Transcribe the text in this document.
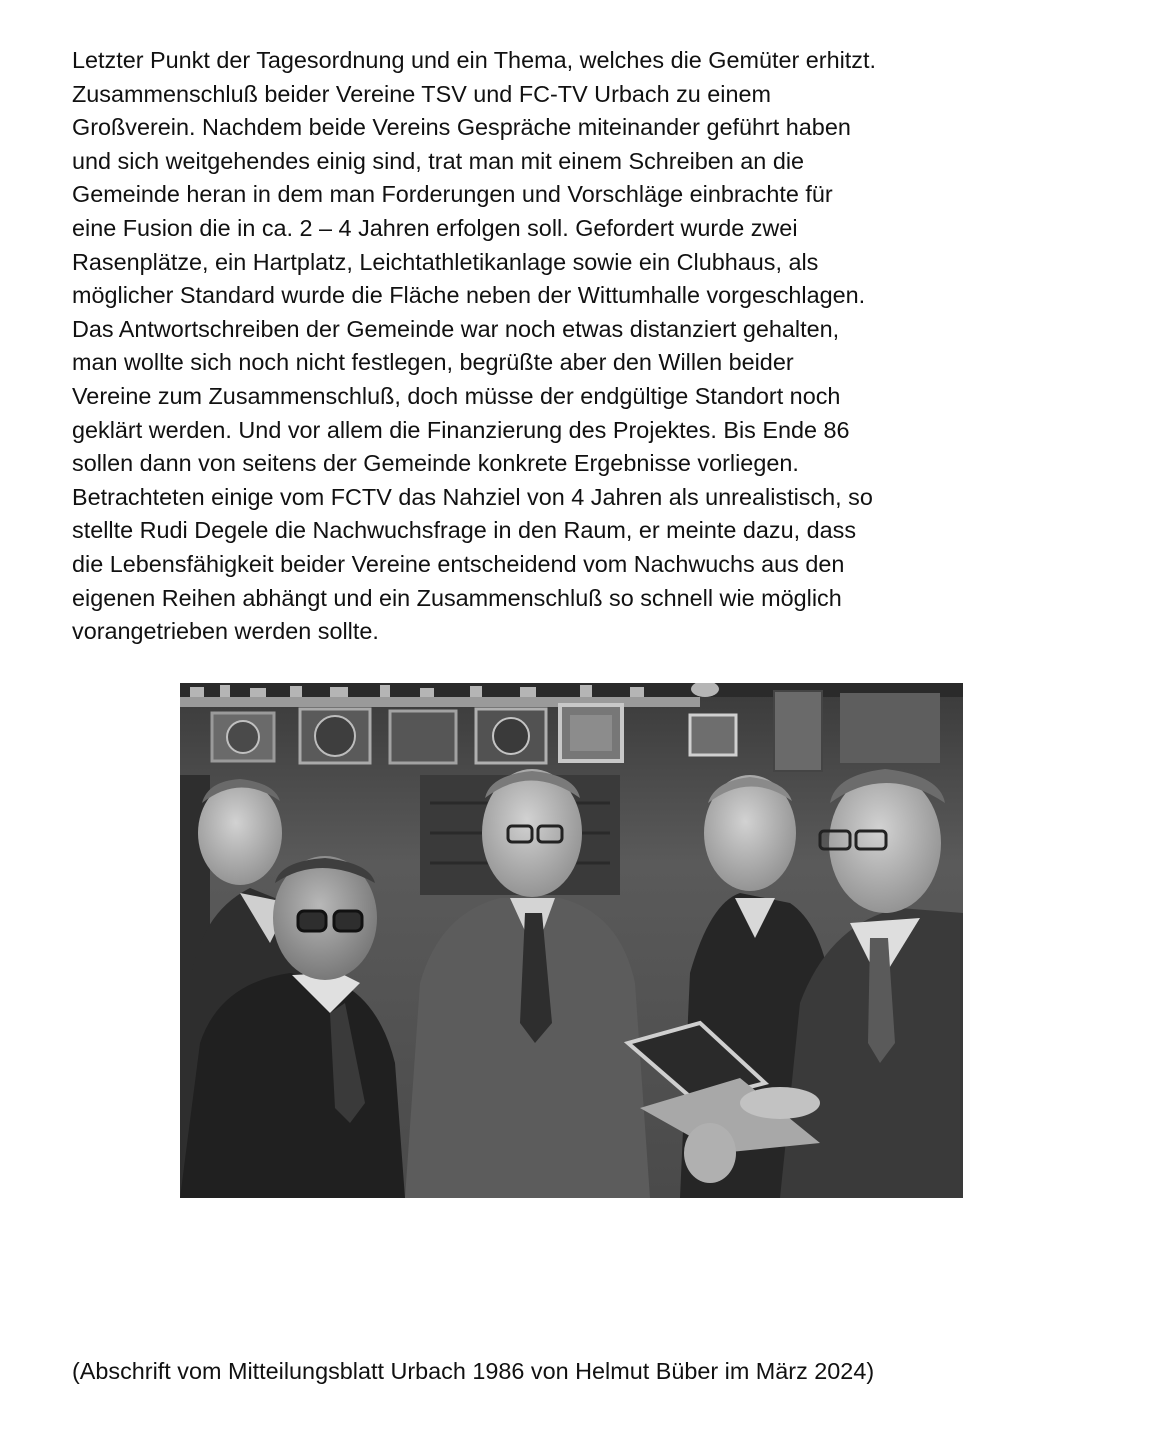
Letzter Punkt der Tagesordnung und ein Thema, welches die Gemüter erhitzt.
Zusammenschluß beider Vereine TSV und FC-TV Urbach zu einem
Großverein. Nachdem beide Vereins Gespräche miteinander geführt haben
und sich weitgehendes einig sind, trat man mit einem Schreiben an die
Gemeinde heran in dem man Forderungen und Vorschläge einbrachte für
eine Fusion die in ca. 2 – 4 Jahren erfolgen soll. Gefordert wurde zwei
Rasenplätze, ein Hartplatz, Leichtathletikanlage sowie ein Clubhaus, als
möglicher Standard wurde die Fläche neben der Wittumhalle vorgeschlagen.
Das Antwortschreiben der Gemeinde war noch etwas distanziert gehalten,
man wollte sich noch nicht festlegen, begrüßte aber den Willen beider
Vereine zum Zusammenschluß, doch müsse der endgültige Standort noch
geklärt werden. Und vor allem die Finanzierung des Projektes. Bis Ende 86
sollen dann von seitens der Gemeinde konkrete Ergebnisse vorliegen.
Betrachteten einige vom FCTV das Nahziel von 4 Jahren als unrealistisch, so
stellte Rudi Degele die Nachwuchsfrage in den Raum, er meinte dazu, dass
die Lebensfähigkeit beider Vereine entscheidend vom Nachwuchs aus den
eigenen Reihen abhängt und ein Zusammenschluß so schnell wie möglich
vorangetrieben werden sollte.
(Abschrift vom Mitteilungsblatt Urbach 1986 von Helmut Büber im März 2024)
